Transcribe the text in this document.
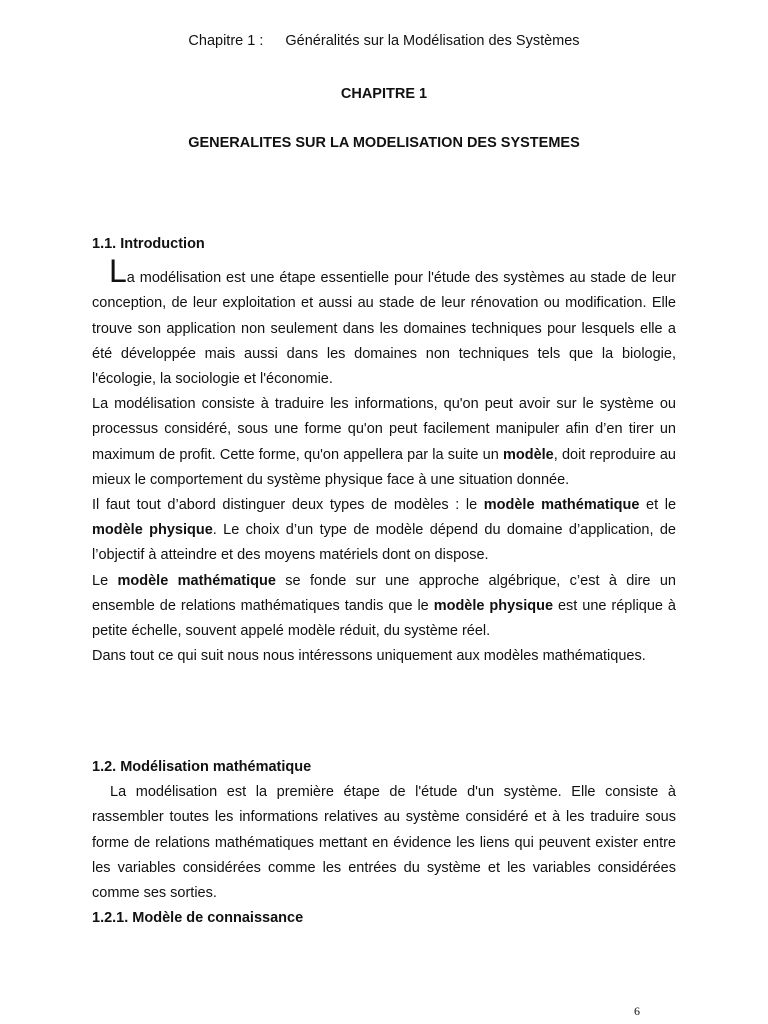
Chapitre 1 : Généralités sur la Modélisation des Systèmes
CHAPITRE 1
GENERALITES SUR LA MODELISATION DES SYSTEMES

1.1. Introduction

La modélisation est une étape essentielle pour l'étude des systèmes au stade de leur conception, de leur exploitation et aussi au stade de leur rénovation ou modification. Elle trouve son application non seulement dans les domaines techniques pour lesquels elle a été développée mais aussi dans les domaines non techniques tels que la biologie, l'écologie, la sociologie et l'économie.

La modélisation consiste à traduire les informations, qu'on peut avoir sur le système ou processus considéré, sous une forme qu'on peut facilement manipuler afin d’en tirer un maximum de profit. Cette forme, qu'on appellera par la suite un modèle, doit reproduire au mieux le comportement du système physique face à une situation donnée.

Il faut tout d’abord distinguer deux types de modèles : le modèle mathématique et le modèle physique. Le choix d’un type de modèle dépend du domaine d’application, de l’objectif à atteindre et des moyens matériels dont on dispose.

Le modèle mathématique se fonde sur une approche algébrique, c’est à dire un ensemble de relations mathématiques tandis que le modèle physique est une réplique à petite échelle, souvent appelé modèle réduit, du système réel.

Dans tout ce qui suit nous nous intéressons uniquement aux modèles mathématiques.

1.2. Modélisation mathématique

La modélisation est la première étape de l'étude d'un système. Elle consiste à rassembler toutes les informations relatives au système considéré et à les traduire sous forme de relations mathématiques mettant en évidence les liens qui peuvent exister entre les variables considérées comme les entrées du système et les variables considérées comme ses sorties.

1.2.1. Modèle de connaissance

6
